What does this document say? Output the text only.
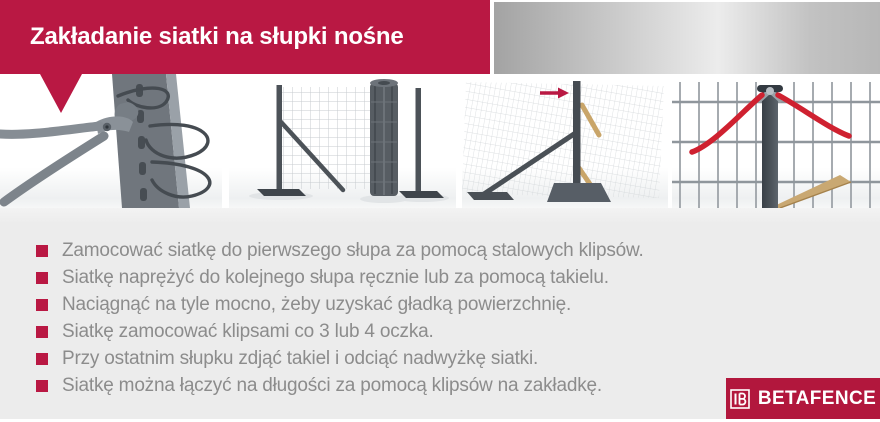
Zakładanie siatki na słupki nośne
Zamocować siatkę do pierwszego słupa za pomocą stalowych klipsów.
Siatkę naprężyć do kolejnego słupa ręcznie lub za pomocą takielu.
Naciągnąć na tyle mocno, żeby uzyskać gładką powierzchnię.
Siatkę zamocować klipsami co 3 lub 4 oczka.
Przy ostatnim słupku zdjąć takiel i odciąć nadwyżkę siatki.
Siatkę można łączyć na długości za pomocą klipsów na zakładkę.
BETAFENCE
